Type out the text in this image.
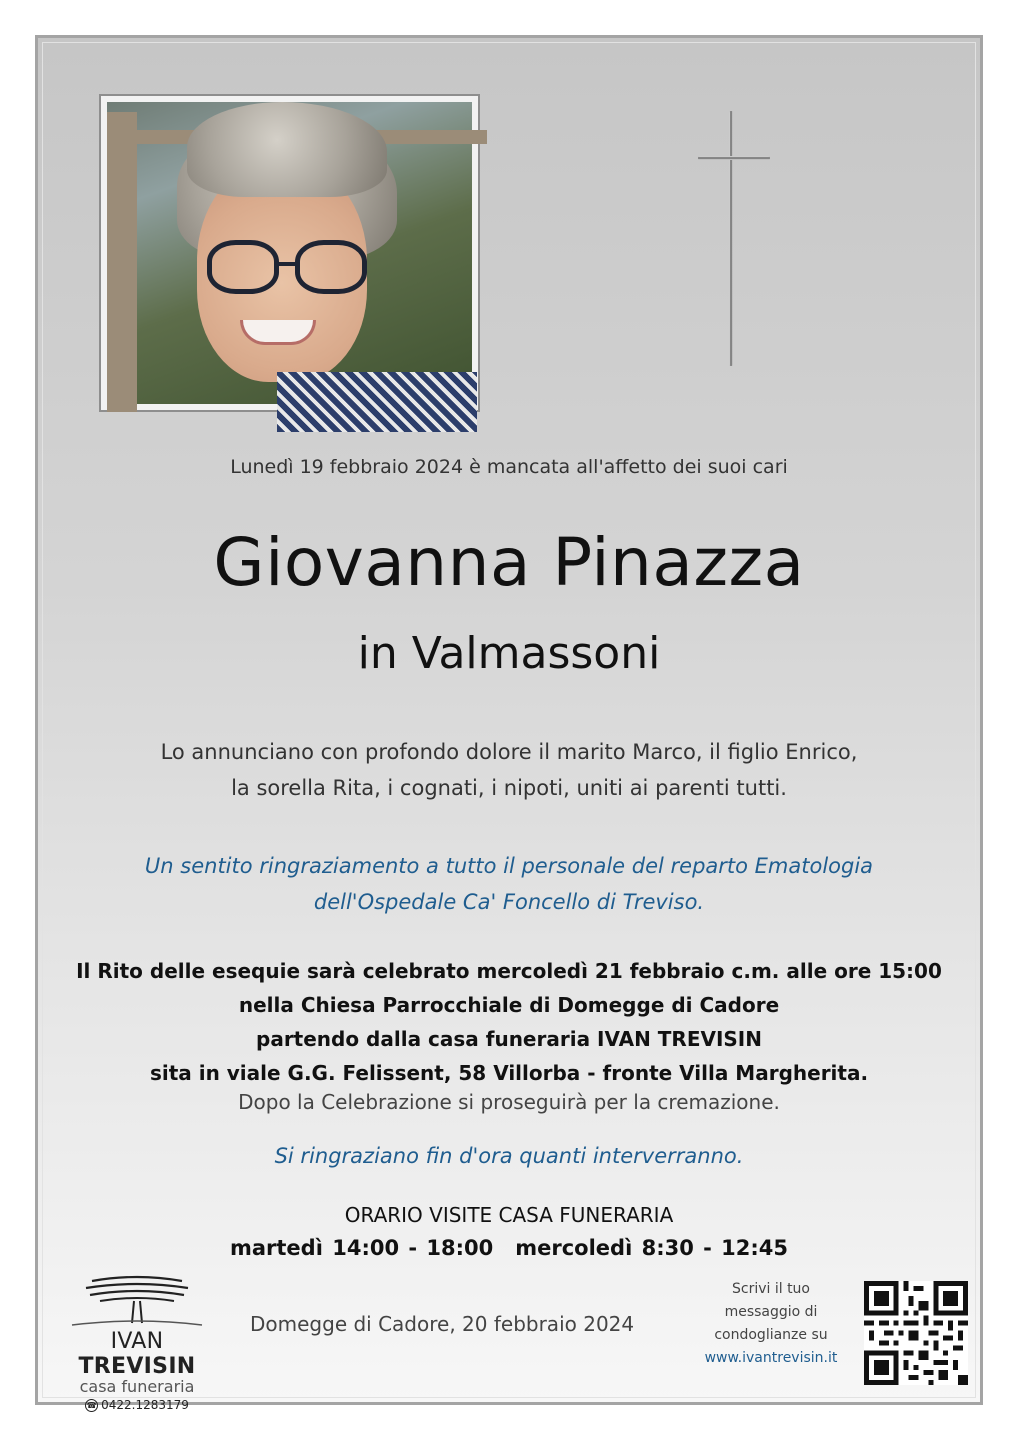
Lunedì 19 febbraio 2024 è mancata all'affetto dei suoi cari
Giovanna Pinazza
in Valmassoni
Lo annunciano con profondo dolore il marito Marco, il figlio Enrico,
la sorella Rita, i cognati, i nipoti, uniti ai parenti tutti.
Un sentito ringraziamento a tutto il personale del reparto Ematologia
dell'Ospedale Ca' Foncello di Treviso.
Il Rito delle esequie sarà celebrato mercoledì 21 febbraio c.m. alle ore 15:00
nella Chiesa Parrocchiale di Domegge di Cadore
partendo dalla casa funeraria IVAN TREVISIN
sita in viale G.G. Felissent, 58 Villorba - fronte Villa Margherita.
Dopo la Celebrazione si proseguirà per la cremazione.
Si ringraziano fin d'ora quanti interverranno.
ORARIO VISITE CASA FUNERARIA
martedì 14:00 - 18:00 mercoledì 8:30 - 12:45
IVAN TREVISIN
casa funeraria
☎ 0422.1283179
Domegge di Cadore, 20 febbraio 2024
Scrivi il tuo
messaggio di
condoglianze su
www.ivantrevisin.it
